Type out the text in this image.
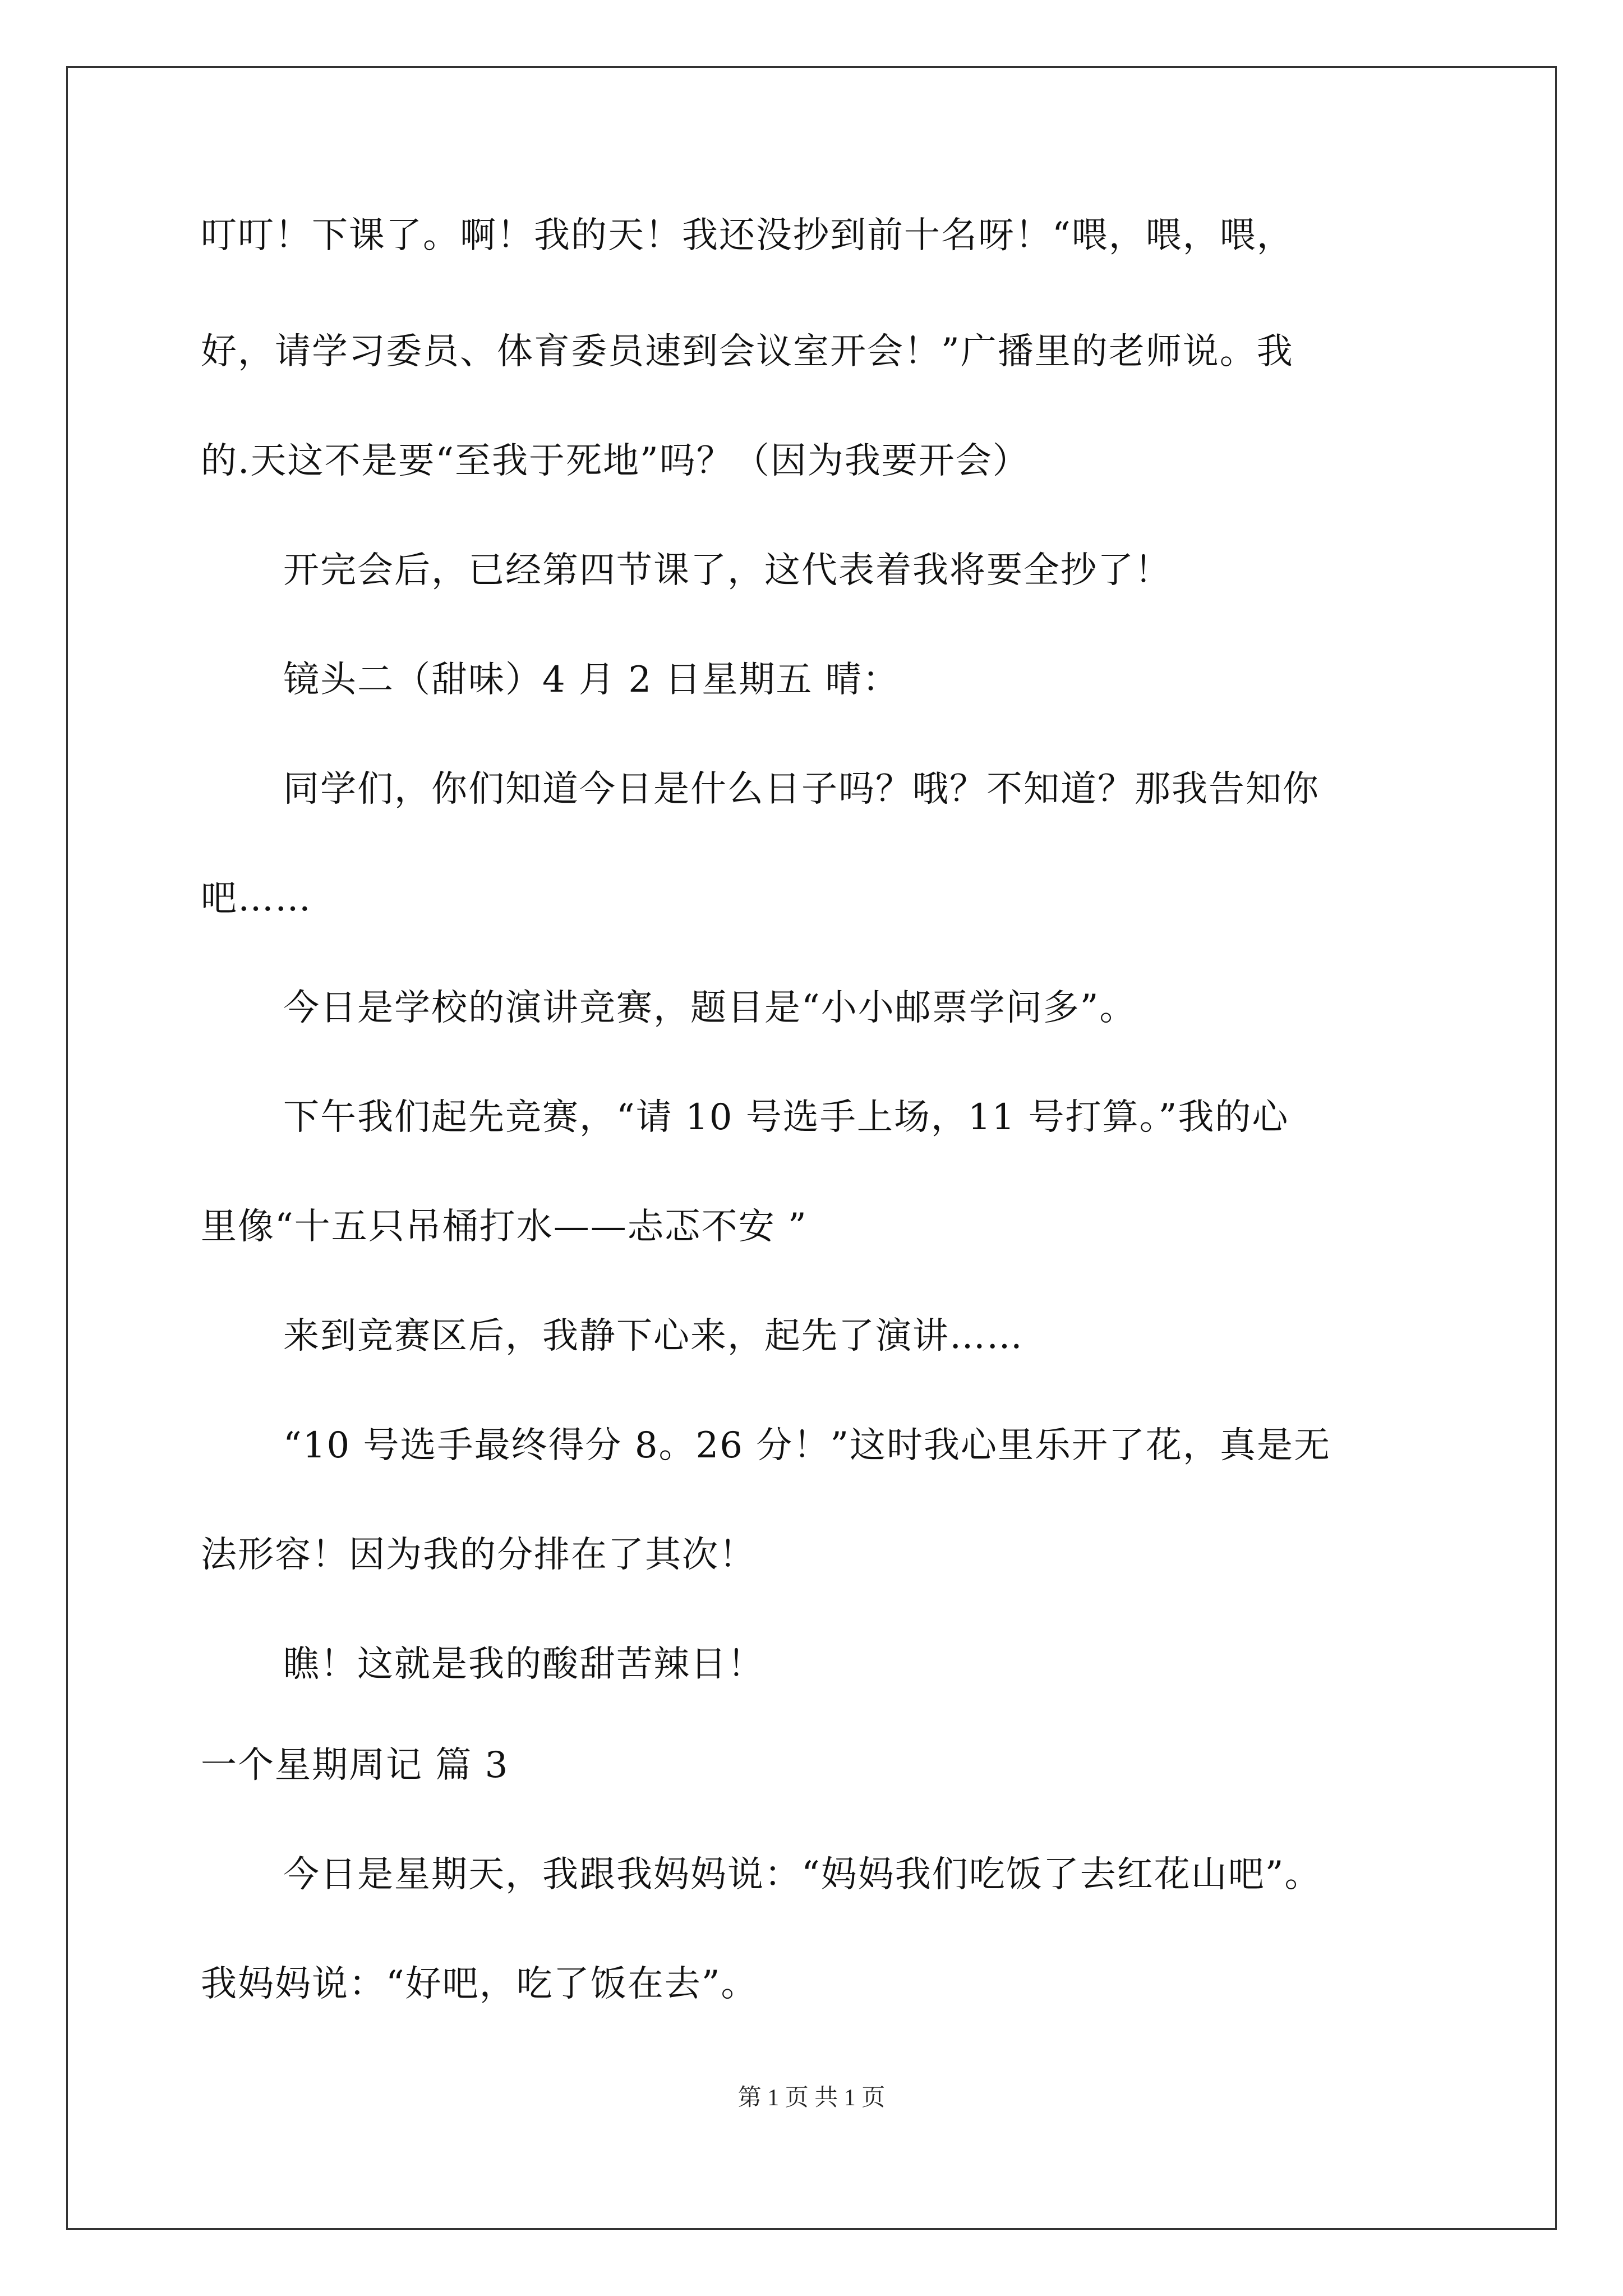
叮叮！下课了。啊！我的天！我还没抄到前十名呀！“喂，喂，喂，
好，请学习委员、体育委员速到会议室开会！”广播里的老师说。我
的.天这不是要“至我于死地”吗？（因为我要开会）
开完会后，已经第四节课了，这代表着我将要全抄了！
镜头二（甜味）4 月 2 日星期五 晴：
同学们，你们知道今日是什么日子吗？哦？不知道？那我告知你
吧……
今日是学校的演讲竞赛，题目是“小小邮票学问多”。
下午我们起先竞赛，“请 10 号选手上场，11 号打算。”我的心
里像“十五只吊桶打水——忐忑不安 ”
来到竞赛区后，我静下心来，起先了演讲……
“10 号选手最终得分 8。26 分！”这时我心里乐开了花，真是无
法形容！因为我的分排在了其次！
瞧！这就是我的酸甜苦辣日！
一个星期周记 篇 3
今日是星期天，我跟我妈妈说：“妈妈我们吃饭了去红花山吧”。
我妈妈说：“好吧，吃了饭在去”。
第 1 页 共 1 页
